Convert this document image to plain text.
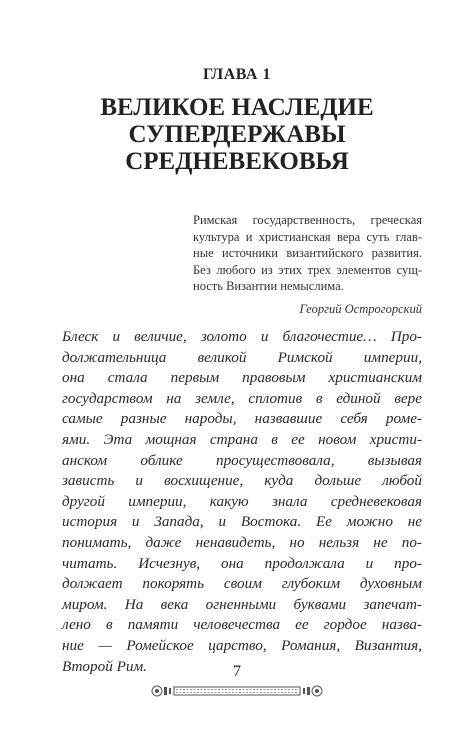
ГЛАВА 1
ВЕЛИКОЕ НАСЛЕДИЕ
СУПЕРДЕРЖАВЫ
СРЕДНЕВЕКОВЬЯ
Римская государственность, греческая
культура и христианская вера суть глав-
ные источники византийского развития.
Без любого из этих трех элементов сущ-
ность Византии немыслима.
Георгий Острогорский
Блеск и величие, золото и благочестие… Про-
должательница великой Римской империи,
она стала первым правовым христианским
государством на земле, сплотив в единой вере
самые разные народы, назвавшие себя роме-
ями. Эта мощная страна в ее новом христи-
анском облике просуществовала, вызывая
зависть и восхищение, куда дольше любой
другой империи, какую знала средневековая
история и Запада, и Востока. Ее можно не
понимать, даже ненавидеть, но нельзя не по-
читать. Исчезнув, она продолжала и про-
должает покорять своим глубоким духовным
миром. На века огненными буквами запечат-
лено в памяти человечества ее гордое назва-
ние — Ромейское царство, Романия, Византия,
Второй Рим.	7
